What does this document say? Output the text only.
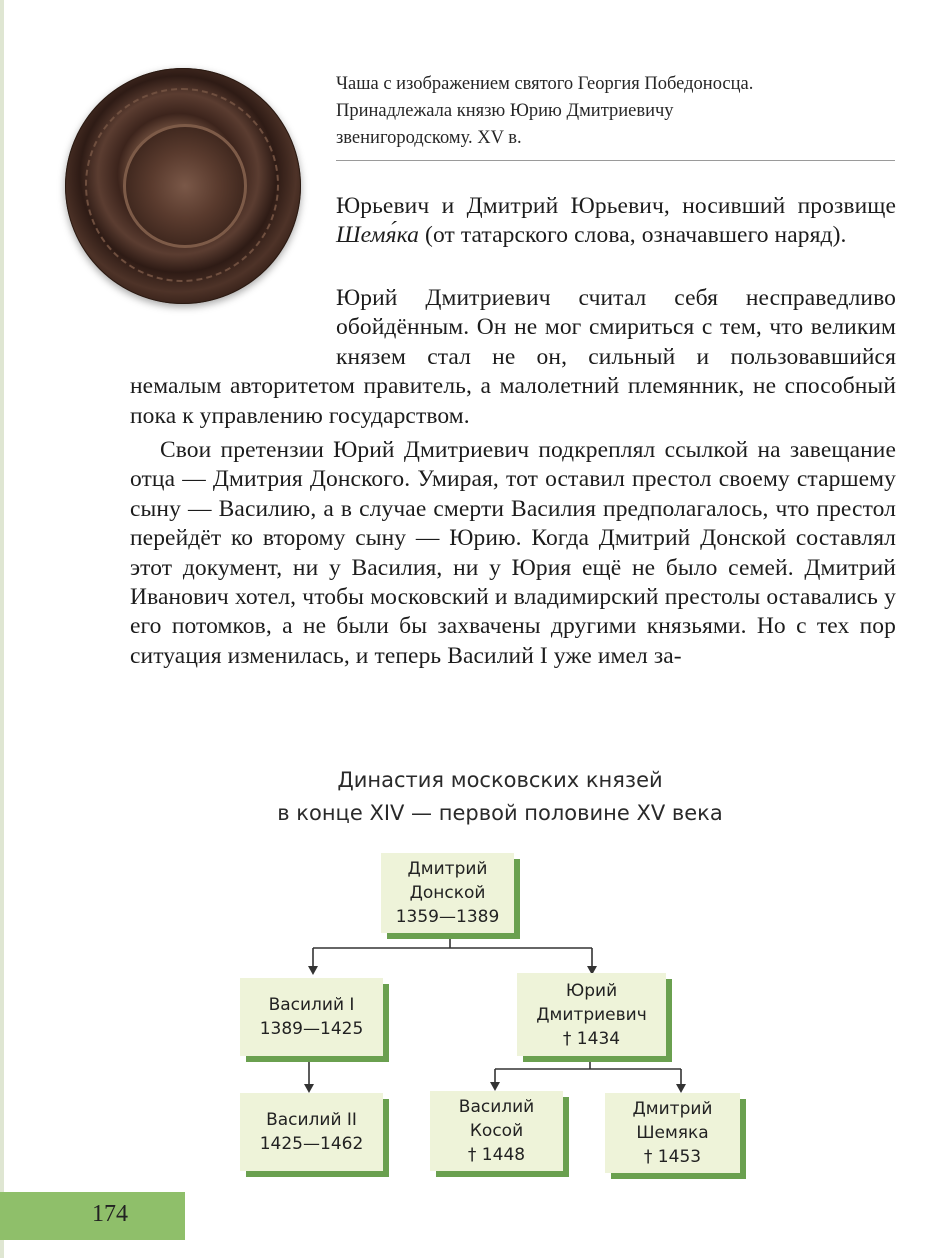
Чаша с изображением святого Георгия Победоносца.
Принадлежала князю Юрию Дмитриевичу
звенигородскому. XV в.

Юрьевич и Дмитрий Юрьевич, носивший прозвище Шемя́ка (от татарского слова, означавшего наряд).

Юрий Дмитриевич считал себя несправедливо обойдённым. Он не мог смириться с тем, что великим князем стал не он, сильный и пользовавшийся немалым авторитетом правитель, а малолетний племянник, не способный пока к управлению государством.

Свои претензии Юрий Дмитриевич подкреплял ссылкой на завещание отца — Дмитрия Донского. Умирая, тот оставил престол своему старшему сыну — Василию, а в случае смерти Василия предполагалось, что престол перейдёт ко второму сыну — Юрию. Когда Дмитрий Донской составлял этот документ, ни у Василия, ни у Юрия ещё не было семей. Дмитрий Иванович хотел, чтобы московский и владимирский престолы оставались у его потомков, а не были бы захвачены другими князьями. Но с тех пор ситуация изменилась, и теперь Василий I уже имел за-

Династия московских князей

в конце XIV — первой половине XV века

Дмитрий
Донской
1359—1389
Василий I
1389—1425
Юрий
Дмитриевич
† 1434
Василий II
1425—1462
Василий
Косой
† 1448
Дмитрий
Шемяка
† 1453
174
